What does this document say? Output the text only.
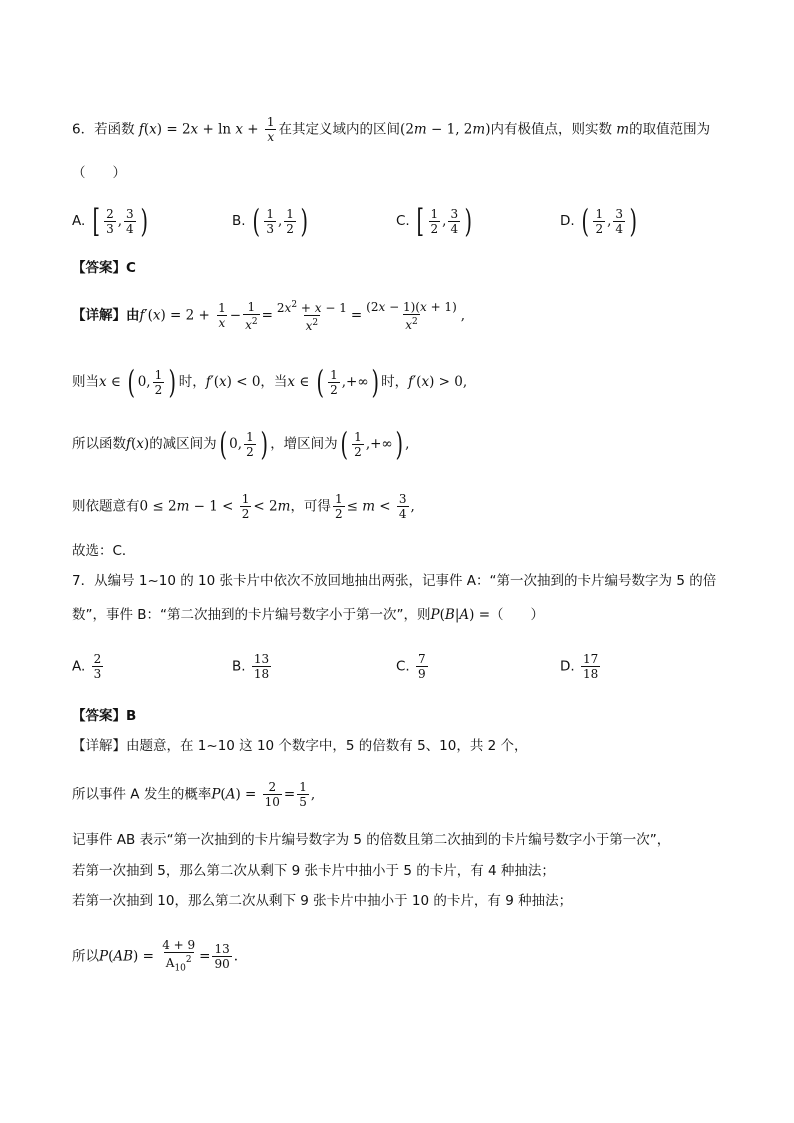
6．若函数 $f(x) = 2x + \ln x + \frac{1}{x}$ 在其定义域内的区间(2m − 1, 2m)内有极值点，则实数 m的取值范围为
（　　）
A. [ $\frac{2}{3}$ , $\frac{3}{4}$ )	B. ( $\frac{1}{3}$ , $\frac{1}{2}$ )	C. [ $\frac{1}{2}$ , $\frac{3}{4}$ )	D. ( $\frac{1}{2}$ , $\frac{3}{4}$ )
【答案】C
【详解】由$f'(x) = 2 + \frac{1}{x} - \frac{1}{x^2} = \frac{2x^2 + x - 1}{x^2} = \frac{(2x - 1)(x + 1)}{x^2}$ ,
则当x ∈ ( 0, $\frac{1}{2}$ ) 时，f′(x) < 0，当x ∈ ( $\frac{1}{2}$ ,+∞) 时，f′(x) > 0,
所以函数f(x)的减区间为( 0, $\frac{1}{2}$ ) ，增区间为( $\frac{1}{2}$ ,+∞) ,
则依题意有$0 \le 2m - 1 < \frac{1}{2} < 2m$，可得 $\frac{1}{2} \le m < \frac{3}{4}$ ,
故选：C．
7．从编号 1~10 的 10 张卡片中依次不放回地抽出两张，记事件 A：“第一次抽到的卡片编号数字为 5 的倍
数”，事件 B：“第二次抽到的卡片编号数字小于第一次”，则P(B|A) =（　　）
A. $\frac{2}{3}$	B. $\frac{13}{18}$	C. $\frac{7}{9}$	D. $\frac{17}{18}$
【答案】B
【详解】由题意，在 1~10 这 10 个数字中，5 的倍数有 5、10，共 2 个，
所以事件 A 发生的概率$P(A) = \frac{2}{10} = \frac{1}{5}$ ,
记事件 AB 表示“第一次抽到的卡片编号数字为 5 的倍数且第二次抽到的卡片编号数字小于第一次”，
若第一次抽到 5，那么第二次从剩下 9 张卡片中抽小于 5 的卡片，有 4 种抽法；
若第一次抽到 10，那么第二次从剩下 9 张卡片中抽小于 10 的卡片，有 9 种抽法；
所以$P(AB) = \frac{4 + 9}{A_{10}^2} = \frac{13}{90}$ .
